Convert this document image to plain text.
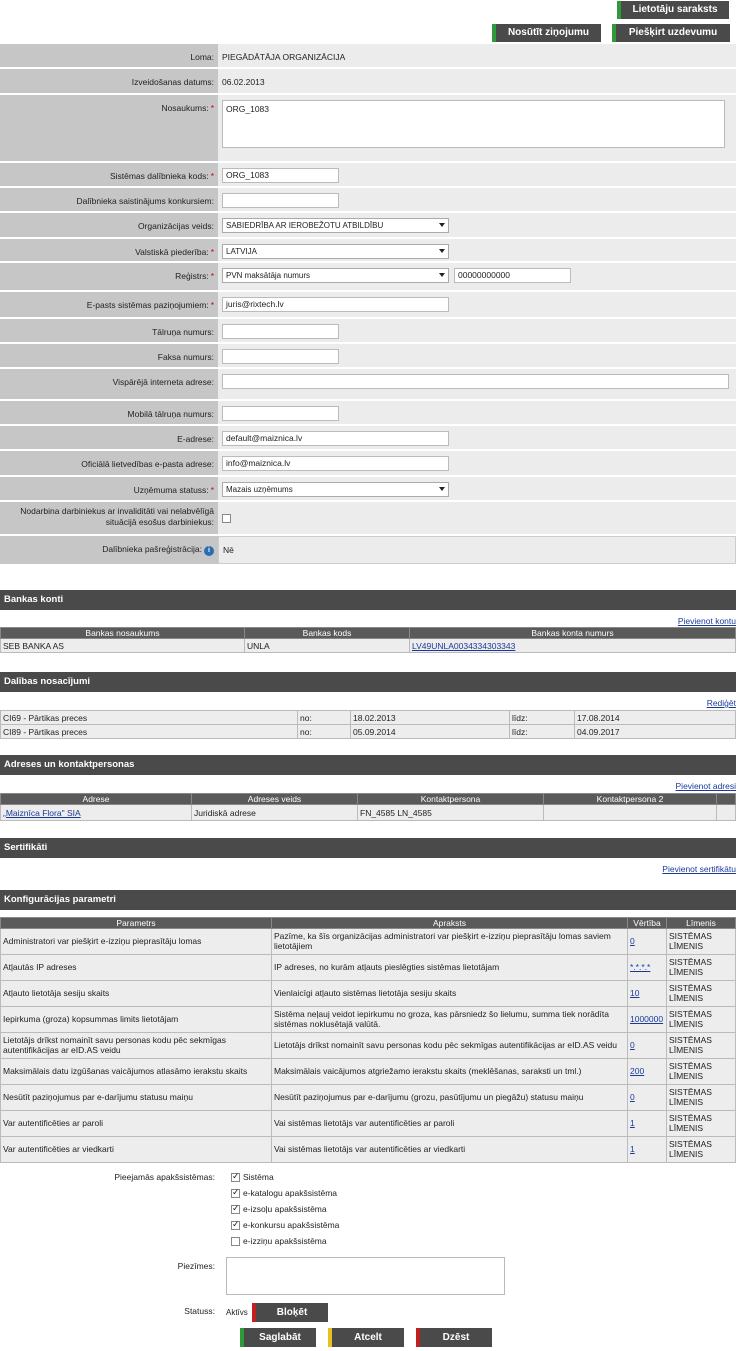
Lietotāju saraksts
Nosūtīt ziņojumu	Piešķirt uzdevumu
Loma: PIEGĀDĀTĀJA ORGANIZĀCIJA
Izveidošanas datums: 06.02.2013
Nosaukums: *	ORG_1083
Sistēmas dalībnieka kods: *	ORG_1083
Dalībnieka saistinājums konkursiem:
Organizācijas veids:	SABIEDRĪBA AR IEROBEŽOTU ATBILDĪBU
Valstiskā piederība: *	LATVIJA
Reģistrs: *	PVN maksātāja numurs	00000000000
E-pasts sistēmas paziņojumiem: *	juris@rixtech.lv
Tālruņa numurs:
Faksa numurs:
Vispārējā interneta adrese:
Mobilā tālruņa numurs:
E-adrese:	default@maiznica.lv
Oficiālā lietvedības e-pasta adrese:	info@maiznica.lv
Uzņēmuma statuss: *	Mazais uzņēmums
Nodarbina darbiniekus ar invaliditāti vai nelabvēlīgā
situācijā esošus darbiniekus:
Dalībnieka pašreģistrācija: i	Nē
Bankas konti
Pievienot kontu
Bankas nosaukums	Bankas kods	Bankas konta numurs
SEB BANKA AS	UNLA	LV49UNLA0034334303343
Dalības nosacījumi
Rediģēt
CI69 - Pārtikas preces	no:	18.02.2013	līdz:	17.08.2014
CI89 - Pārtikas preces	no:	05.09.2014	līdz:	04.09.2017
Adreses un kontaktpersonas
Pievienot adresi
Adrese	Adreses veids	Kontaktpersona	Kontaktpersona 2	
„Maiznīca Flora" SIA	Juridiskā adrese	FN_4585 LN_4585		
Sertifikāti
Pievienot sertifikātu
Konfigurācijas parametri
Parametrs	Apraksts	Vērtība	Līmenis
Administratori var piešķirt e-izziņu pieprasītāju lomas	Pazīme, ka šīs organizācijas administratori var piešķirt e-izziņu pieprasītāju lomas saviem lietotājiem	0	SISTĒMAS LĪMENIS
Atļautās IP adreses	IP adreses, no kurām atļauts pieslēgties sistēmas lietotājam	*.*.*.*	SISTĒMAS LĪMENIS
Atļauto lietotāja sesiju skaits	Vienlaicīgi atļauto sistēmas lietotāja sesiju skaits	10	SISTĒMAS LĪMENIS
Iepirkuma (groza) kopsummas limits lietotājam	Sistēma neļauj veidot iepirkumu no groza, kas pārsniedz šo lielumu, summa tiek norādīta sistēmas noklusētajā valūtā.	1000000	SISTĒMAS LĪMENIS
Lietotājs drīkst nomainīt savu personas kodu pēc sekmīgas autentifikācijas ar eID.AS veidu	Lietotājs drīkst nomainīt savu personas kodu pēc sekmīgas autentifikācijas ar eID.AS veidu	0	SISTĒMAS LĪMENIS
Maksimālais datu izgūšanas vaicājumos atlasāmo ierakstu skaits	Maksimālais vaicājumos atgriežamo ierakstu skaits (meklēšanas, saraksti un tml.)	200	SISTĒMAS LĪMENIS
Nesūtīt paziņojumus par e-darījumu statusu maiņu	Nesūtīt paziņojumus par e-darījumu (grozu, pasūtījumu un piegāžu) statusu maiņu	0	SISTĒMAS LĪMENIS
Var autentificēties ar paroli	Vai sistēmas lietotājs var autentificēties ar paroli	1	SISTĒMAS LĪMENIS
Var autentificēties ar viedkarti	Vai sistēmas lietotājs var autentificēties ar viedkarti	1	SISTĒMAS LĪMENIS
Pieejamās apakšsistēmas: ✓	Sistēma
✓
e-katalogu apakšsistēma
✓
e-izsoļu apakšsistēma
✓
e-konkursu apakšsistēma
e-izziņu apakšsistēma
Piezīmes:
Statuss: Aktīvs	Bloķēt
Saglabāt	Atcelt	Dzēst
